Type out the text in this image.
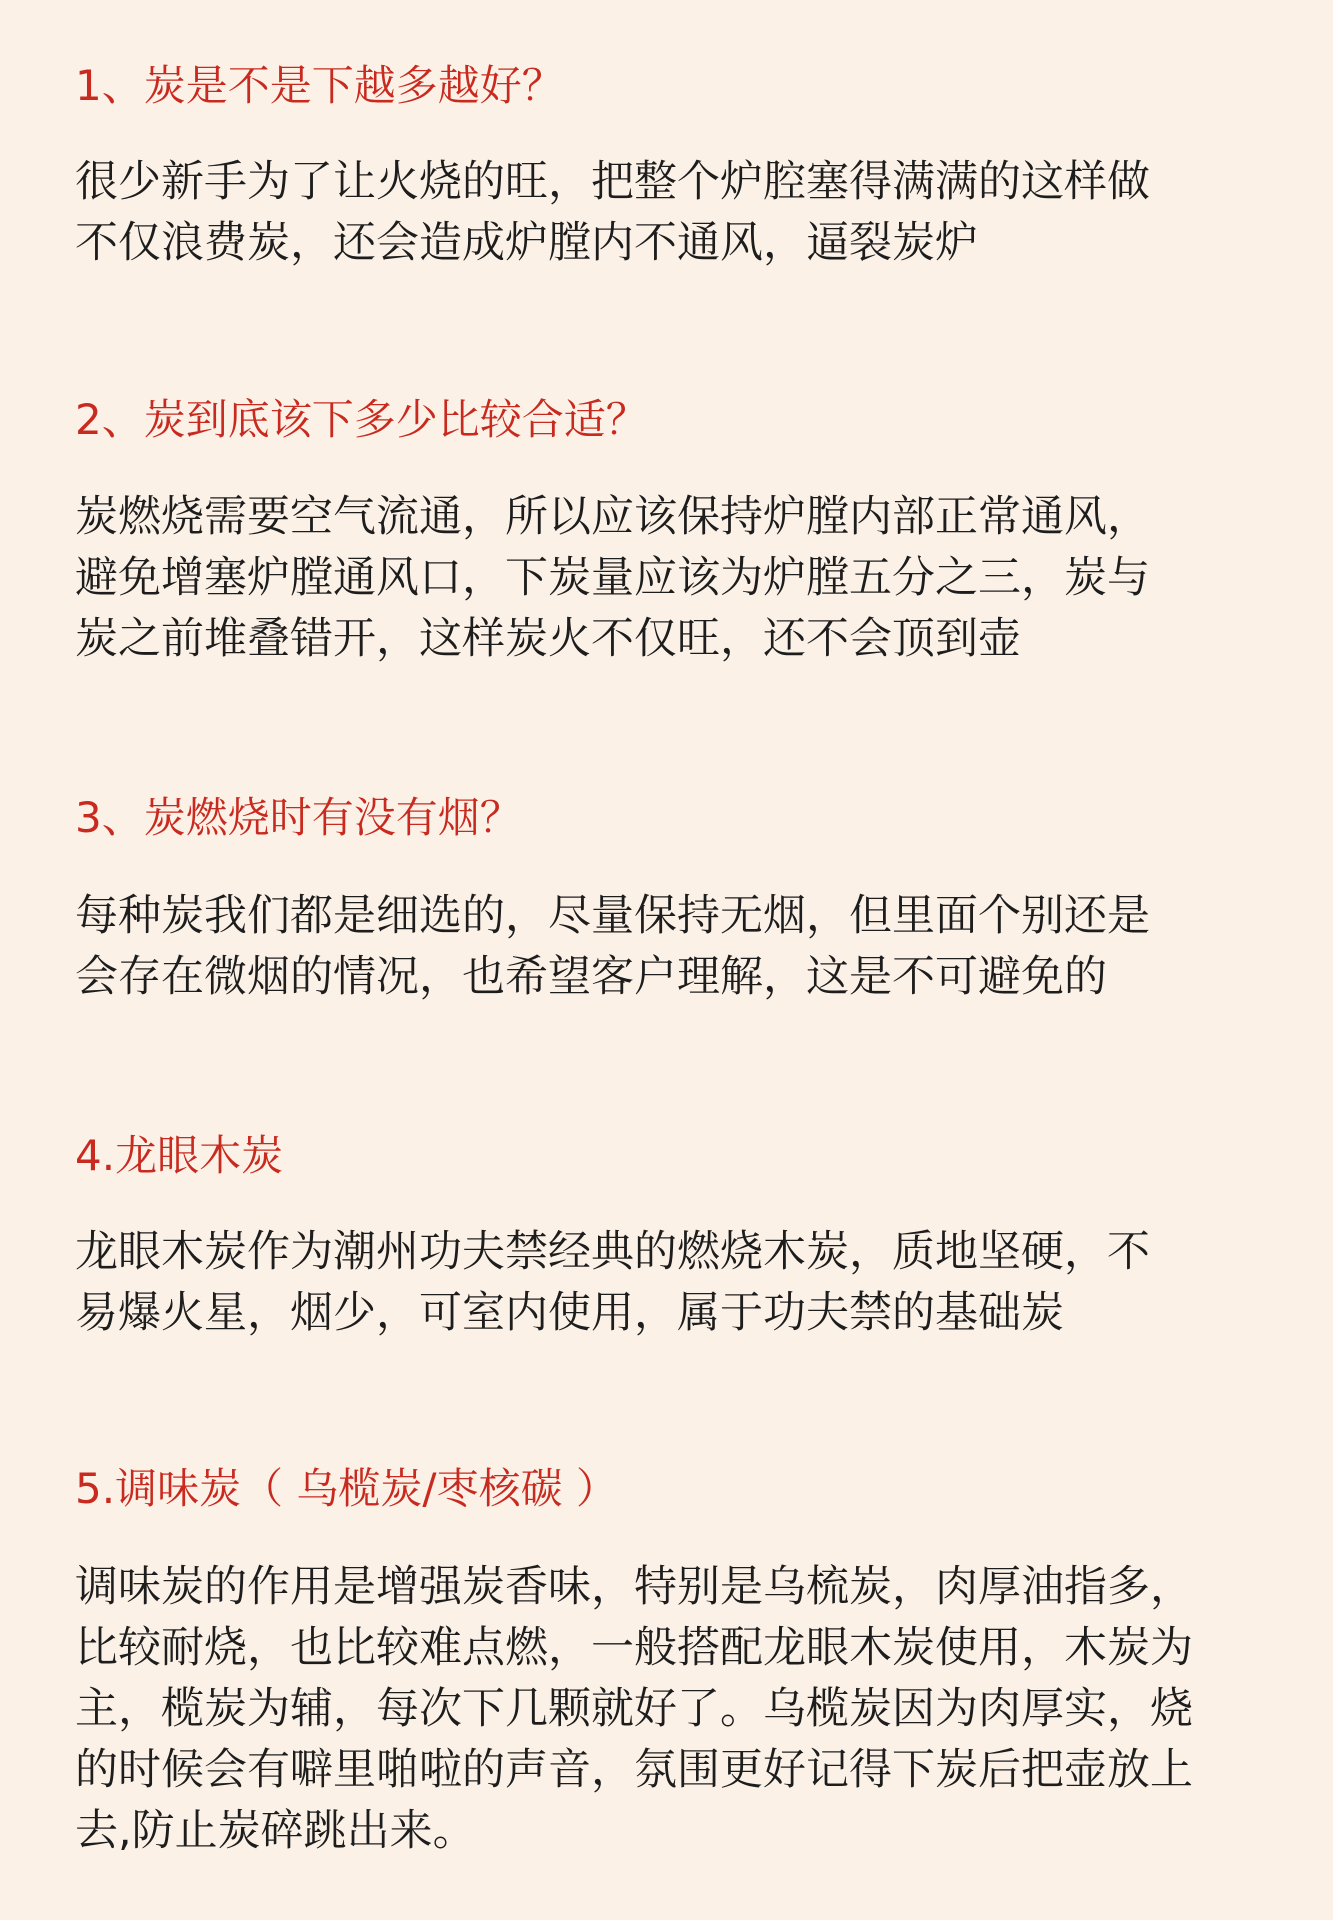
1、炭是不是下越多越好？

很少新手为了让火烧的旺，把整个炉腔塞得满满的这样做
不仅浪费炭，还会造成炉膛内不通风，逼裂炭炉

2、炭到底该下多少比较合适？

炭燃烧需要空气流通，所以应该保持炉膛内部正常通风，
避免增塞炉膛通风口，下炭量应该为炉膛五分之三，炭与
炭之前堆叠错开，这样炭火不仅旺，还不会顶到壶

3、炭燃烧时有没有烟？

每种炭我们都是细选的，尽量保持无烟，但里面个别还是
会存在微烟的情况，也希望客户理解，这是不可避免的

4.龙眼木炭

龙眼木炭作为潮州功夫禁经典的燃烧木炭，质地坚硬，不
易爆火星，烟少，可室内使用，属于功夫禁的基础炭

5.调味炭（ 乌榄炭/枣核碳 ）

调味炭的作用是增强炭香味，特别是乌梳炭，肉厚油指多，
比较耐烧，也比较难点燃，一般搭配龙眼木炭使用，木炭为
主，榄炭为辅，每次下几颗就好了。乌榄炭因为肉厚实，烧
的时候会有噼里啪啦的声音，氛围更好记得下炭后把壶放上
去,防止炭碎跳出来。
